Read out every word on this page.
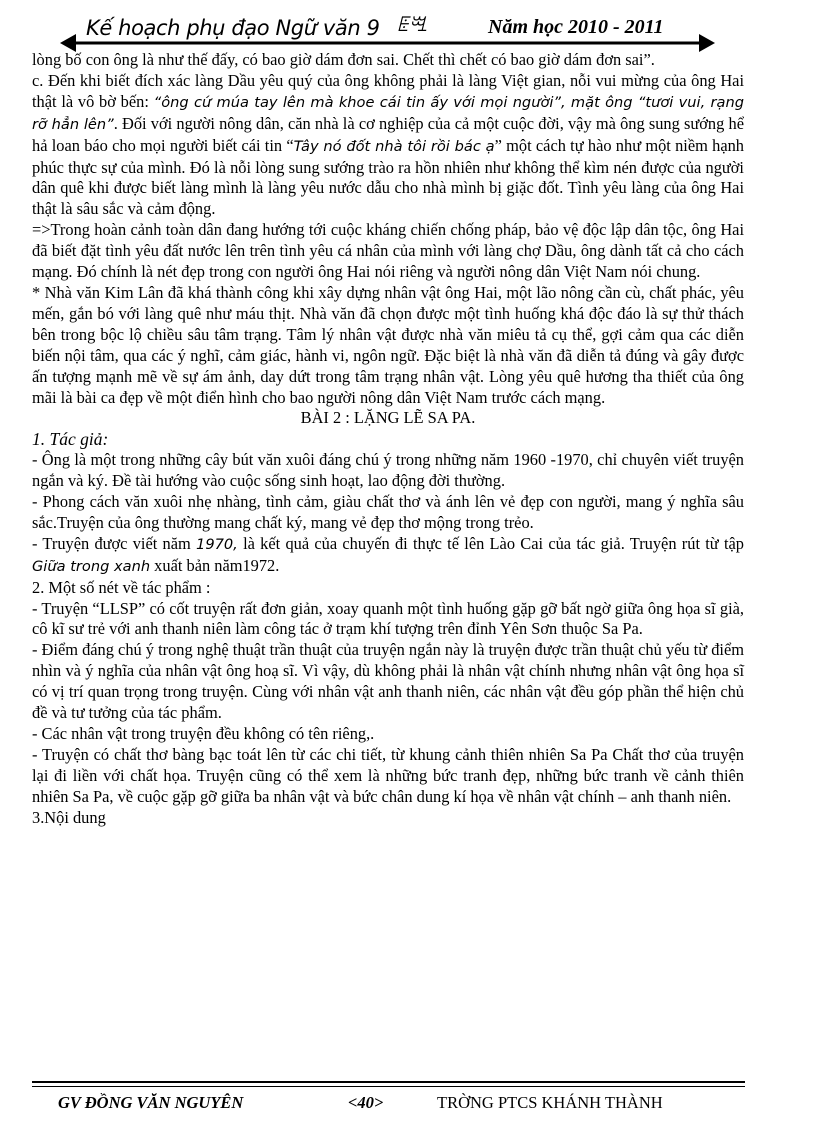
Kế hoạch phụ đạo Ngữ văn 9 ꗍꗅ	Năm học 2010 - 2011

lòng bố con ông là như thế đấy, có bao giờ dám đơn sai. Chết thì chết có bao giờ dám đơn sai”.

c. Đến khi biết đích xác làng Dầu yêu quý của ông không phải là làng Việt gian, nỗi vui mừng của ông Hai thật là vô bờ bến: “ông cứ múa tay lên mà khoe cái tin ấy với mọi người”, mặt ông “tươi vui, rạng rỡ hẳn lên”. Đối với người nông dân, căn nhà là cơ nghiệp của cả một cuộc đời, vậy mà ông sung sướng hể hả loan báo cho mọi người biết cái tin “Tây nó đốt nhà tôi rồi bác ạ” một cách tự hào như một niềm hạnh phúc thực sự của mình. Đó là nỗi lòng sung sướng trào ra hồn nhiên như không thể kìm nén được của người dân quê khi được biết làng mình là làng yêu nước dẫu cho nhà mình bị giặc đốt. Tình yêu làng của ông Hai thật là sâu sắc và cảm động.

=>Trong hoàn cảnh toàn dân đang hướng tới cuộc kháng chiến chống pháp, bảo vệ độc lập dân tộc, ông Hai đã biết đặt tình yêu đất nước lên trên tình yêu cá nhân của mình với làng chợ Dầu, ông dành tất cả cho cách mạng. Đó chính là nét đẹp trong con người ông Hai nói riêng và người nông dân Việt Nam nói chung.

* Nhà văn Kim Lân đã khá thành công khi xây dựng nhân vật ông Hai, một lão nông cần cù, chất phác, yêu mến, gắn bó với làng quê như máu thịt. Nhà văn đã chọn được một tình huống khá độc đáo là sự thử thách bên trong bộc lộ chiều sâu tâm trạng. Tâm lý nhân vật được nhà văn miêu tả cụ thể, gợi cảm qua các diễn biến nội tâm, qua các ý nghĩ, cảm giác, hành vi, ngôn ngữ. Đặc biệt là nhà văn đã diễn tả đúng và gây được ấn tượng mạnh mẽ về sự ám ảnh, day dứt trong tâm trạng nhân vật. Lòng yêu quê hương tha thiết của ông mãi là bài ca đẹp về một điển hình cho bao người nông dân Việt Nam trước cách mạng.

BÀI 2 : LẶNG LẼ SA PA.

1. Tác giả:

- Ông là một trong những cây bút văn xuôi đáng chú ý trong những năm 1960 -1970, chỉ chuyên viết truyện ngắn và ký. Đề tài hướng vào cuộc sống sinh hoạt, lao động đời thường.

- Phong cách văn xuôi nhẹ nhàng, tình cảm, giàu chất thơ và ánh lên vẻ đẹp con người, mang ý nghĩa sâu sắc.Truyện của ông thường mang chất ký, mang vẻ đẹp thơ mộng trong trẻo.

- Truyện được viết năm 1970, là kết quả của chuyến đi thực tế lên Lào Cai của tác giả. Truyện rút từ tập Giữa trong xanh xuất bản năm1972.

2. Một số nét về tác phẩm :

- Truyện “LLSP” có cốt truyện rất đơn giản, xoay quanh một tình huống gặp gỡ bất ngờ giữa ông họa sĩ già, cô kĩ sư trẻ với anh thanh niên làm công tác ở trạm khí tượng trên đỉnh Yên Sơn thuộc Sa Pa.

- Điểm đáng chú ý trong nghệ thuật trần thuật của truyện ngắn này là truyện được trần thuật chủ yếu từ điểm nhìn và ý nghĩa của nhân vật ông hoạ sĩ. Vì vậy, dù không phải là nhân vật chính nhưng nhân vật ông họa sĩ có vị trí quan trọng trong truyện. Cùng với nhân vật anh thanh niên, các nhân vật đều góp phần thể hiện chủ đề và tư tưởng của tác phẩm.

- Các nhân vật trong truyện đều không có tên riêng,.

- Truyện có chất thơ bàng bạc toát lên từ các chi tiết, từ khung cảnh thiên nhiên Sa Pa Chất thơ của truyện lại đi liền với chất họa. Truyện cũng có thể xem là những bức tranh đẹp, những bức tranh về cảnh thiên nhiên Sa Pa, về cuộc gặp gỡ giữa ba nhân vật và bức chân dung kí họa về nhân vật chính – anh thanh niên.

3.Nội dung

GV ĐỒNG VĂN NGUYÊN	<40>	TRỜNG PTCS KHÁNH THÀNH
